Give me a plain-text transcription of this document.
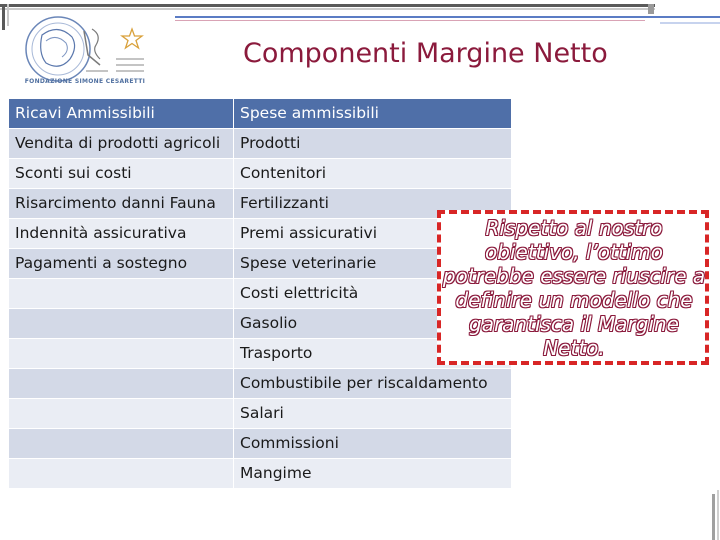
FONDAZIONE SIMONE CESARETTI
Componenti Margine Netto
Ricavi Ammissibili	Spese ammissibili
Vendita di prodotti agricoli	Prodotti
Sconti sui costi	Contenitori
Risarcimento danni Fauna	Fertilizzanti
Indennità assicurativa	Premi assicurativi
Pagamenti a sostegno	Spese veterinarie
	Costi elettricità
	Gasolio
	Trasporto
	Combustibile per riscaldamento
	Salari
	Commissioni
	Mangime
Rispetto al nostro obiettivo, l’ottimo potrebbe essere riuscire a definire un modello che garantisca il Margine Netto.
